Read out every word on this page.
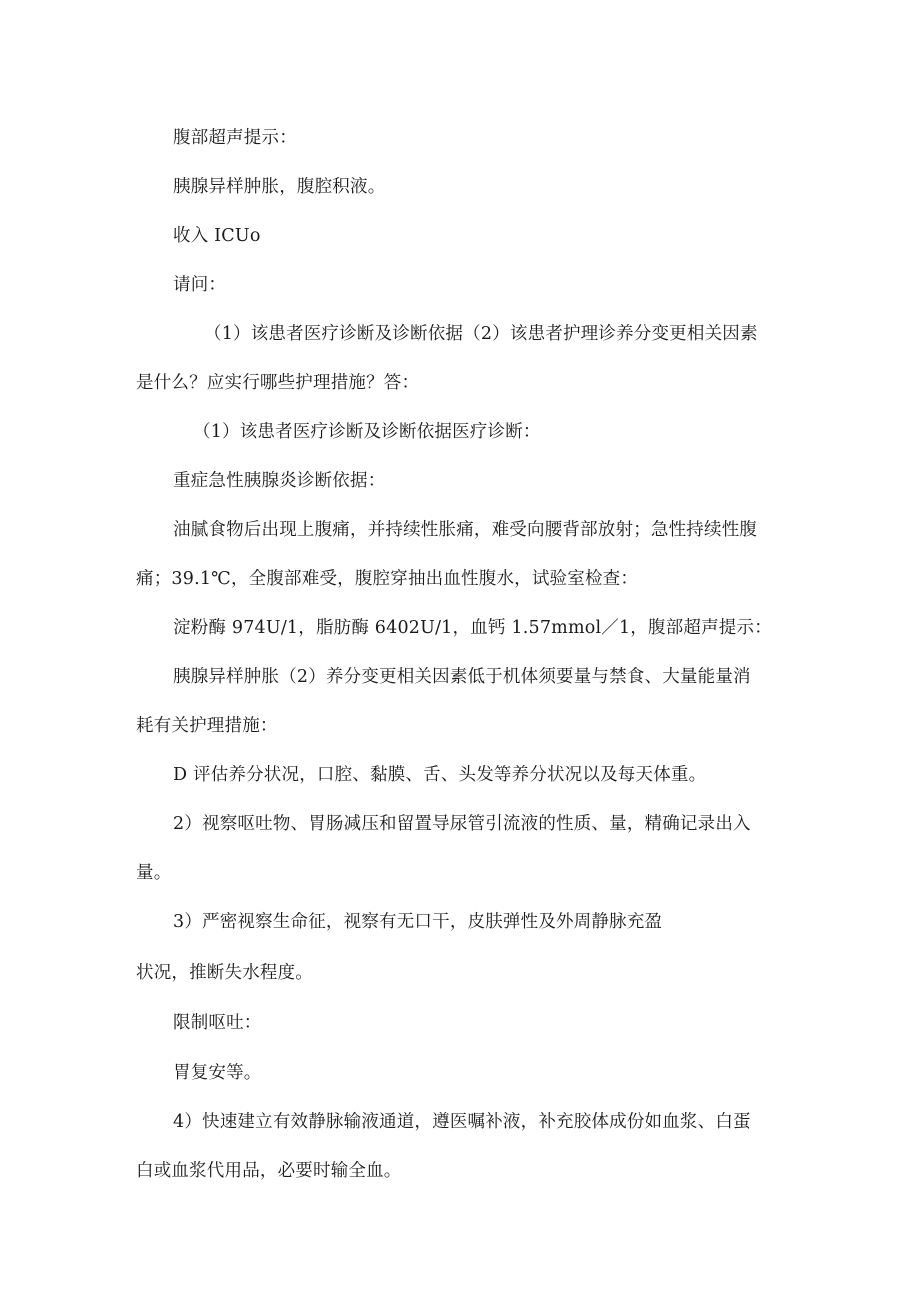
腹部超声提示：

胰腺异样肿胀，腹腔积液。

收入 ICUo

请问：

（1）该患者医疗诊断及诊断依据（2）该患者护理诊养分变更相关因素

是什么？应实行哪些护理措施？答：

（1）该患者医疗诊断及诊断依据医疗诊断：

重症急性胰腺炎诊断依据：

油腻食物后出现上腹痛，并持续性胀痛，难受向腰背部放射；急性持续性腹

痛；39.1℃，全腹部难受，腹腔穿抽出血性腹水，试验室检查：

淀粉酶 974U/1，脂肪酶 6402U/1，血钙 1.57mmol／1，腹部超声提示：

胰腺异样肿胀（2）养分变更相关因素低于机体须要量与禁食、大量能量消

耗有关护理措施：

D 评估养分状况，口腔、黏膜、舌、头发等养分状况以及每天体重。

2）视察呕吐物、胃肠减压和留置导尿管引流液的性质、量，精确记录出入

量。

3）严密视察生命征，视察有无口干，皮肤弹性及外周静脉充盈

状况，推断失水程度。

限制呕吐：

胃复安等。

4）快速建立有效静脉输液通道，遵医嘱补液，补充胶体成份如血浆、白蛋

白或血浆代用品，必要时输全血。
